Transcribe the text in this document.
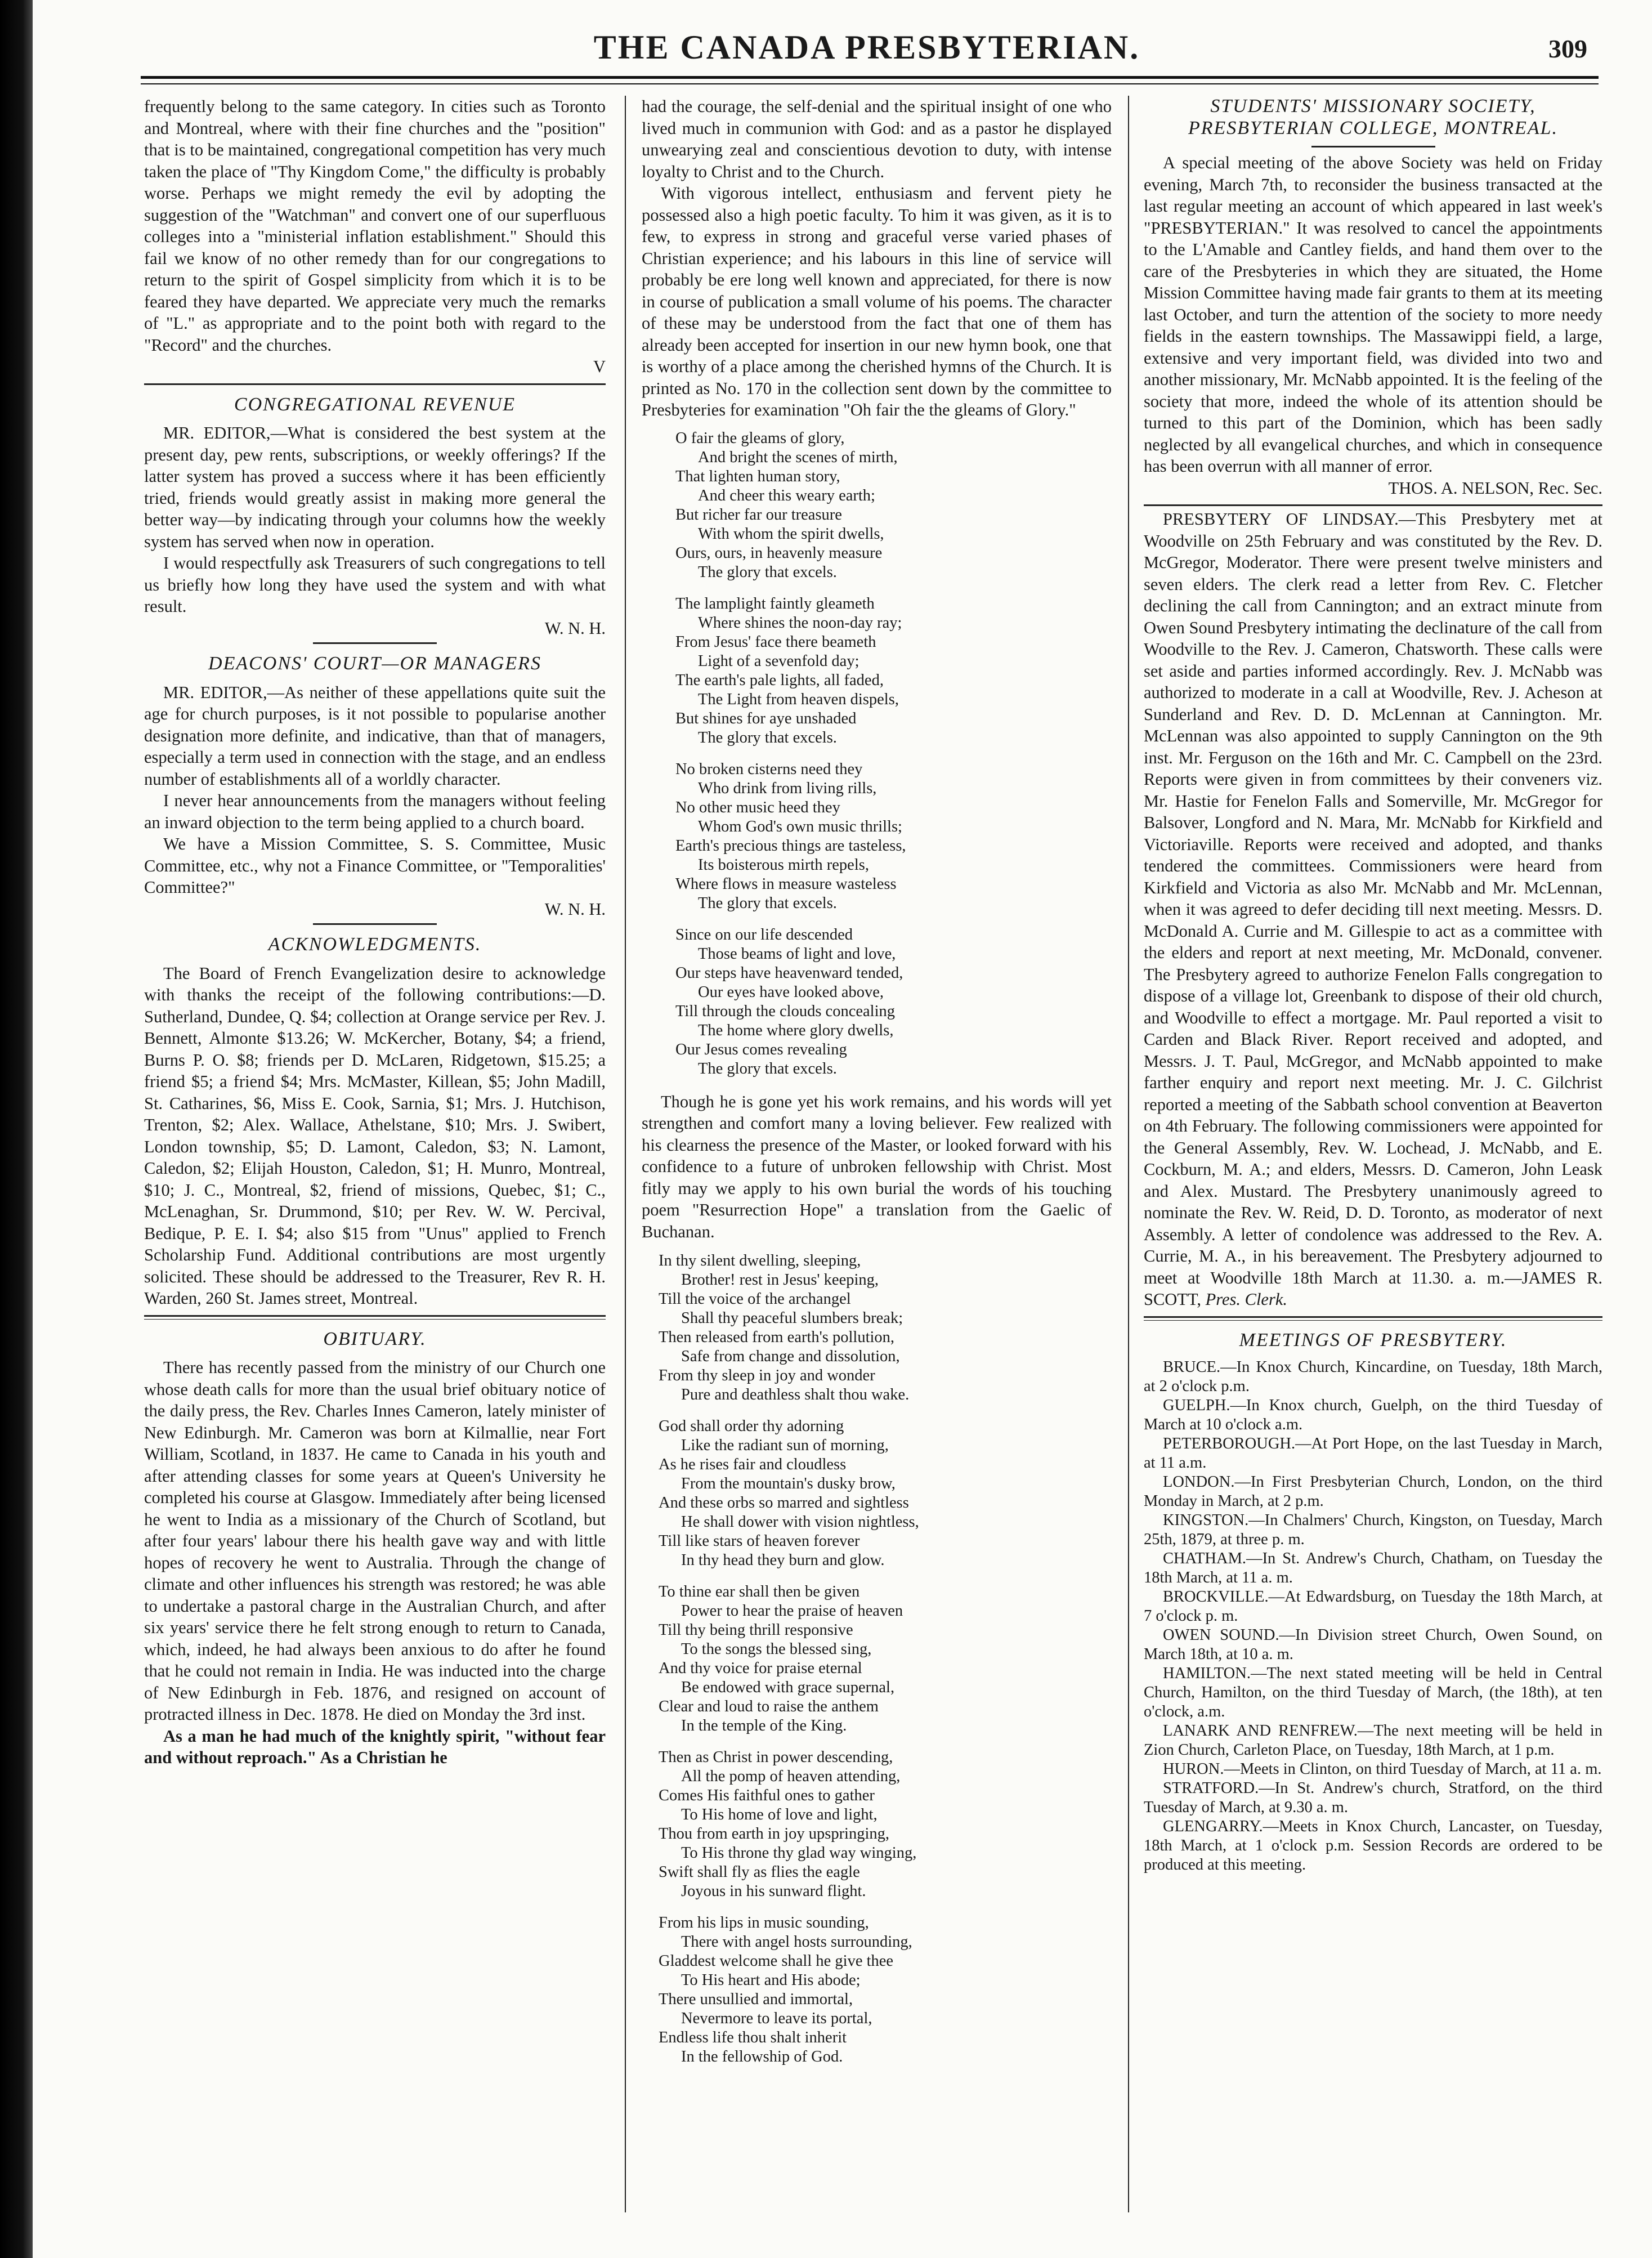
THE CANADA PRESBYTERIAN.	309

frequently belong to the same category. In cities such as Toronto and Montreal, where with their fine churches and the "position" that is to be maintained, congregational competition has very much taken the place of "Thy Kingdom Come," the difficulty is probably worse. Perhaps we might remedy the evil by adopting the suggestion of the "Watchman" and convert one of our superfluous colleges into a "ministerial inflation establishment." Should this fail we know of no other remedy than for our congregations to return to the spirit of Gospel simplicity from which it is to be feared they have departed. We appreciate very much the remarks of "L." as appropriate and to the point both with regard to the "Record" and the churches.

V

CONGREGATIONAL REVENUE

MR. EDITOR,—What is considered the best system at the present day, pew rents, subscriptions, or weekly offerings? If the latter system has proved a success where it has been efficiently tried, friends would greatly assist in making more general the better way—by indicating through your columns how the weekly system has served when now in operation.

I would respectfully ask Treasurers of such congregations to tell us briefly how long they have used the system and with what result.

W. N. H.

DEACONS' COURT—OR MANAGERS

MR. EDITOR,—As neither of these appellations quite suit the age for church purposes, is it not possible to popularise another designation more definite, and indicative, than that of managers, especially a term used in connection with the stage, and an endless number of establishments all of a worldly character.

I never hear announcements from the managers without feeling an inward objection to the term being applied to a church board.

We have a Mission Committee, S. S. Committee, Music Committee, etc., why not a Finance Committee, or "Temporalities' Committee?"

W. N. H.

ACKNOWLEDGMENTS.

The Board of French Evangelization desire to acknowledge with thanks the receipt of the following contributions:—D. Sutherland, Dundee, Q. $4; collection at Orange service per Rev. J. Bennett, Almonte $13.26; W. McKercher, Botany, $4; a friend, Burns P. O. $8; friends per D. McLaren, Ridgetown, $15.25; a friend $5; a friend $4; Mrs. McMaster, Killean, $5; John Madill, St. Catharines, $6, Miss E. Cook, Sarnia, $1; Mrs. J. Hutchison, Trenton, $2; Alex. Wallace, Athelstane, $10; Mrs. J. Swibert, London township, $5; D. Lamont, Caledon, $3; N. Lamont, Caledon, $2; Elijah Houston, Caledon, $1; H. Munro, Montreal, $10; J. C., Montreal, $2, friend of missions, Quebec, $1; C., McLenaghan, Sr. Drummond, $10; per Rev. W. W. Percival, Bedique, P. E. I. $4; also $15 from "Unus" applied to French Scholarship Fund. Additional contributions are most urgently solicited. These should be addressed to the Treasurer, Rev R. H. Warden, 260 St. James street, Montreal.

OBITUARY.

There has recently passed from the ministry of our Church one whose death calls for more than the usual brief obituary notice of the daily press, the Rev. Charles Innes Cameron, lately minister of New Edinburgh. Mr. Cameron was born at Kilmallie, near Fort William, Scotland, in 1837. He came to Canada in his youth and after attending classes for some years at Queen's University he completed his course at Glasgow. Immediately after being licensed he went to India as a missionary of the Church of Scotland, but after four years' labour there his health gave way and with little hopes of recovery he went to Australia. Through the change of climate and other influences his strength was restored; he was able to undertake a pastoral charge in the Australian Church, and after six years' service there he felt strong enough to return to Canada, which, indeed, he had always been anxious to do after he found that he could not remain in India. He was inducted into the charge of New Edinburgh in Feb. 1876, and resigned on account of protracted illness in Dec. 1878. He died on Monday the 3rd inst.

As a man he had much of the knightly spirit, "without fear and without reproach." As a Christian he

had the courage, the self-denial and the spiritual insight of one who lived much in communion with God: and as a pastor he displayed unwearying zeal and conscientious devotion to duty, with intense loyalty to Christ and to the Church.

With vigorous intellect, enthusiasm and fervent piety he possessed also a high poetic faculty. To him it was given, as it is to few, to express in strong and graceful verse varied phases of Christian experience; and his labours in this line of service will probably be ere long well known and appreciated, for there is now in course of publication a small volume of his poems. The character of these may be understood from the fact that one of them has already been accepted for insertion in our new hymn book, one that is worthy of a place among the cherished hymns of the Church. It is printed as No. 170 in the collection sent down by the committee to Presbyteries for examination "Oh fair the the gleams of Glory."

O fair the gleams of glory,
And bright the scenes of mirth,
That lighten human story,
And cheer this weary earth;
But richer far our treasure
With whom the spirit dwells,
Ours, ours, in heavenly measure
The glory that excels.
The lamplight faintly gleameth
Where shines the noon-day ray;
From Jesus' face there beameth
Light of a sevenfold day;
The earth's pale lights, all faded,
The Light from heaven dispels,
But shines for aye unshaded
The glory that excels.
No broken cisterns need they
Who drink from living rills,
No other music heed they
Whom God's own music thrills;
Earth's precious things are tasteless,
Its boisterous mirth repels,
Where flows in measure wasteless
The glory that excels.
Since on our life descended
Those beams of light and love,
Our steps have heavenward tended,
Our eyes have looked above,
Till through the clouds concealing
The home where glory dwells,
Our Jesus comes revealing
The glory that excels.

Though he is gone yet his work remains, and his words will yet strengthen and comfort many a loving believer. Few realized with his clearness the presence of the Master, or looked forward with his confidence to a future of unbroken fellowship with Christ. Most fitly may we apply to his own burial the words of his touching poem "Resurrection Hope" a translation from the Gaelic of Buchanan.

In thy silent dwelling, sleeping,
Brother! rest in Jesus' keeping,
Till the voice of the archangel
Shall thy peaceful slumbers break;
Then released from earth's pollution,
Safe from change and dissolution,
From thy sleep in joy and wonder
Pure and deathless shalt thou wake.
God shall order thy adorning
Like the radiant sun of morning,
As he rises fair and cloudless
From the mountain's dusky brow,
And these orbs so marred and sightless
He shall dower with vision nightless,
Till like stars of heaven forever
In thy head they burn and glow.
To thine ear shall then be given
Power to hear the praise of heaven
Till thy being thrill responsive
To the songs the blessed sing,
And thy voice for praise eternal
Be endowed with grace supernal,
Clear and loud to raise the anthem
In the temple of the King.
Then as Christ in power descending,
All the pomp of heaven attending,
Comes His faithful ones to gather
To His home of love and light,
Thou from earth in joy upspringing,
To His throne thy glad way winging,
Swift shall fly as flies the eagle
Joyous in his sunward flight.
From his lips in music sounding,
There with angel hosts surrounding,
Gladdest welcome shall he give thee
To His heart and His abode;
There unsullied and immortal,
Nevermore to leave its portal,
Endless life thou shalt inherit
In the fellowship of God.
STUDENTS' MISSIONARY SOCIETY, PRESBYTERIAN COLLEGE, MONTREAL.

A special meeting of the above Society was held on Friday evening, March 7th, to reconsider the business transacted at the last regular meeting an account of which appeared in last week's "PRESBYTERIAN." It was resolved to cancel the appointments to the L'Amable and Cantley fields, and hand them over to the care of the Presbyteries in which they are situated, the Home Mission Committee having made fair grants to them at its meeting last October, and turn the attention of the society to more needy fields in the eastern townships. The Massawippi field, a large, extensive and very important field, was divided into two and another missionary, Mr. McNabb appointed. It is the feeling of the society that more, indeed the whole of its attention should be turned to this part of the Dominion, which has been sadly neglected by all evangelical churches, and which in consequence has been overrun with all manner of error.

THOS. A. NELSON, Rec. Sec.

PRESBYTERY OF LINDSAY.—This Presbytery met at Woodville on 25th February and was constituted by the Rev. D. McGregor, Moderator. There were present twelve ministers and seven elders. The clerk read a letter from Rev. C. Fletcher declining the call from Cannington; and an extract minute from Owen Sound Presbytery intimating the declinature of the call from Woodville to the Rev. J. Cameron, Chatsworth. These calls were set aside and parties informed accordingly. Rev. J. McNabb was authorized to moderate in a call at Woodville, Rev. J. Acheson at Sunderland and Rev. D. D. McLennan at Cannington. Mr. McLennan was also appointed to supply Cannington on the 9th inst. Mr. Ferguson on the 16th and Mr. C. Campbell on the 23rd. Reports were given in from committees by their conveners viz. Mr. Hastie for Fenelon Falls and Somerville, Mr. McGregor for Balsover, Longford and N. Mara, Mr. McNabb for Kirkfield and Victoriaville. Reports were received and adopted, and thanks tendered the committees. Commissioners were heard from Kirkfield and Victoria as also Mr. McNabb and Mr. McLennan, when it was agreed to defer deciding till next meeting. Messrs. D. McDonald A. Currie and M. Gillespie to act as a committee with the elders and report at next meeting, Mr. McDonald, convener. The Presbytery agreed to authorize Fenelon Falls congregation to dispose of a village lot, Greenbank to dispose of their old church, and Woodville to effect a mortgage. Mr. Paul reported a visit to Carden and Black River. Report received and adopted, and Messrs. J. T. Paul, McGregor, and McNabb appointed to make farther enquiry and report next meeting. Mr. J. C. Gilchrist reported a meeting of the Sabbath school convention at Beaverton on 4th February. The following commissioners were appointed for the General Assembly, Rev. W. Lochead, J. McNabb, and E. Cockburn, M. A.; and elders, Messrs. D. Cameron, John Leask and Alex. Mustard. The Presbytery unanimously agreed to nominate the Rev. W. Reid, D. D. Toronto, as moderator of next Assembly. A letter of condolence was addressed to the Rev. A. Currie, M. A., in his bereavement. The Presbytery adjourned to meet at Woodville 18th March at 11.30. a. m.—JAMES R. SCOTT, Pres. Clerk.

MEETINGS OF PRESBYTERY.

BRUCE.—In Knox Church, Kincardine, on Tuesday, 18th March, at 2 o'clock p.m.

GUELPH.—In Knox church, Guelph, on the third Tuesday of March at 10 o'clock a.m.

PETERBOROUGH.—At Port Hope, on the last Tuesday in March, at 11 a.m.

LONDON.—In First Presbyterian Church, London, on the third Monday in March, at 2 p.m.

KINGSTON.—In Chalmers' Church, Kingston, on Tuesday, March 25th, 1879, at three p. m.

CHATHAM.—In St. Andrew's Church, Chatham, on Tuesday the 18th March, at 11 a. m.

BROCKVILLE.—At Edwardsburg, on Tuesday the 18th March, at 7 o'clock p. m.

OWEN SOUND.—In Division street Church, Owen Sound, on March 18th, at 10 a. m.

HAMILTON.—The next stated meeting will be held in Central Church, Hamilton, on the third Tuesday of March, (the 18th), at ten o'clock, a.m.

LANARK AND RENFREW.—The next meeting will be held in Zion Church, Carleton Place, on Tuesday, 18th March, at 1 p.m.

HURON.—Meets in Clinton, on third Tuesday of March, at 11 a. m.

STRATFORD.—In St. Andrew's church, Stratford, on the third Tuesday of March, at 9.30 a. m.

GLENGARRY.—Meets in Knox Church, Lancaster, on Tuesday, 18th March, at 1 o'clock p.m. Session Records are ordered to be produced at this meeting.
